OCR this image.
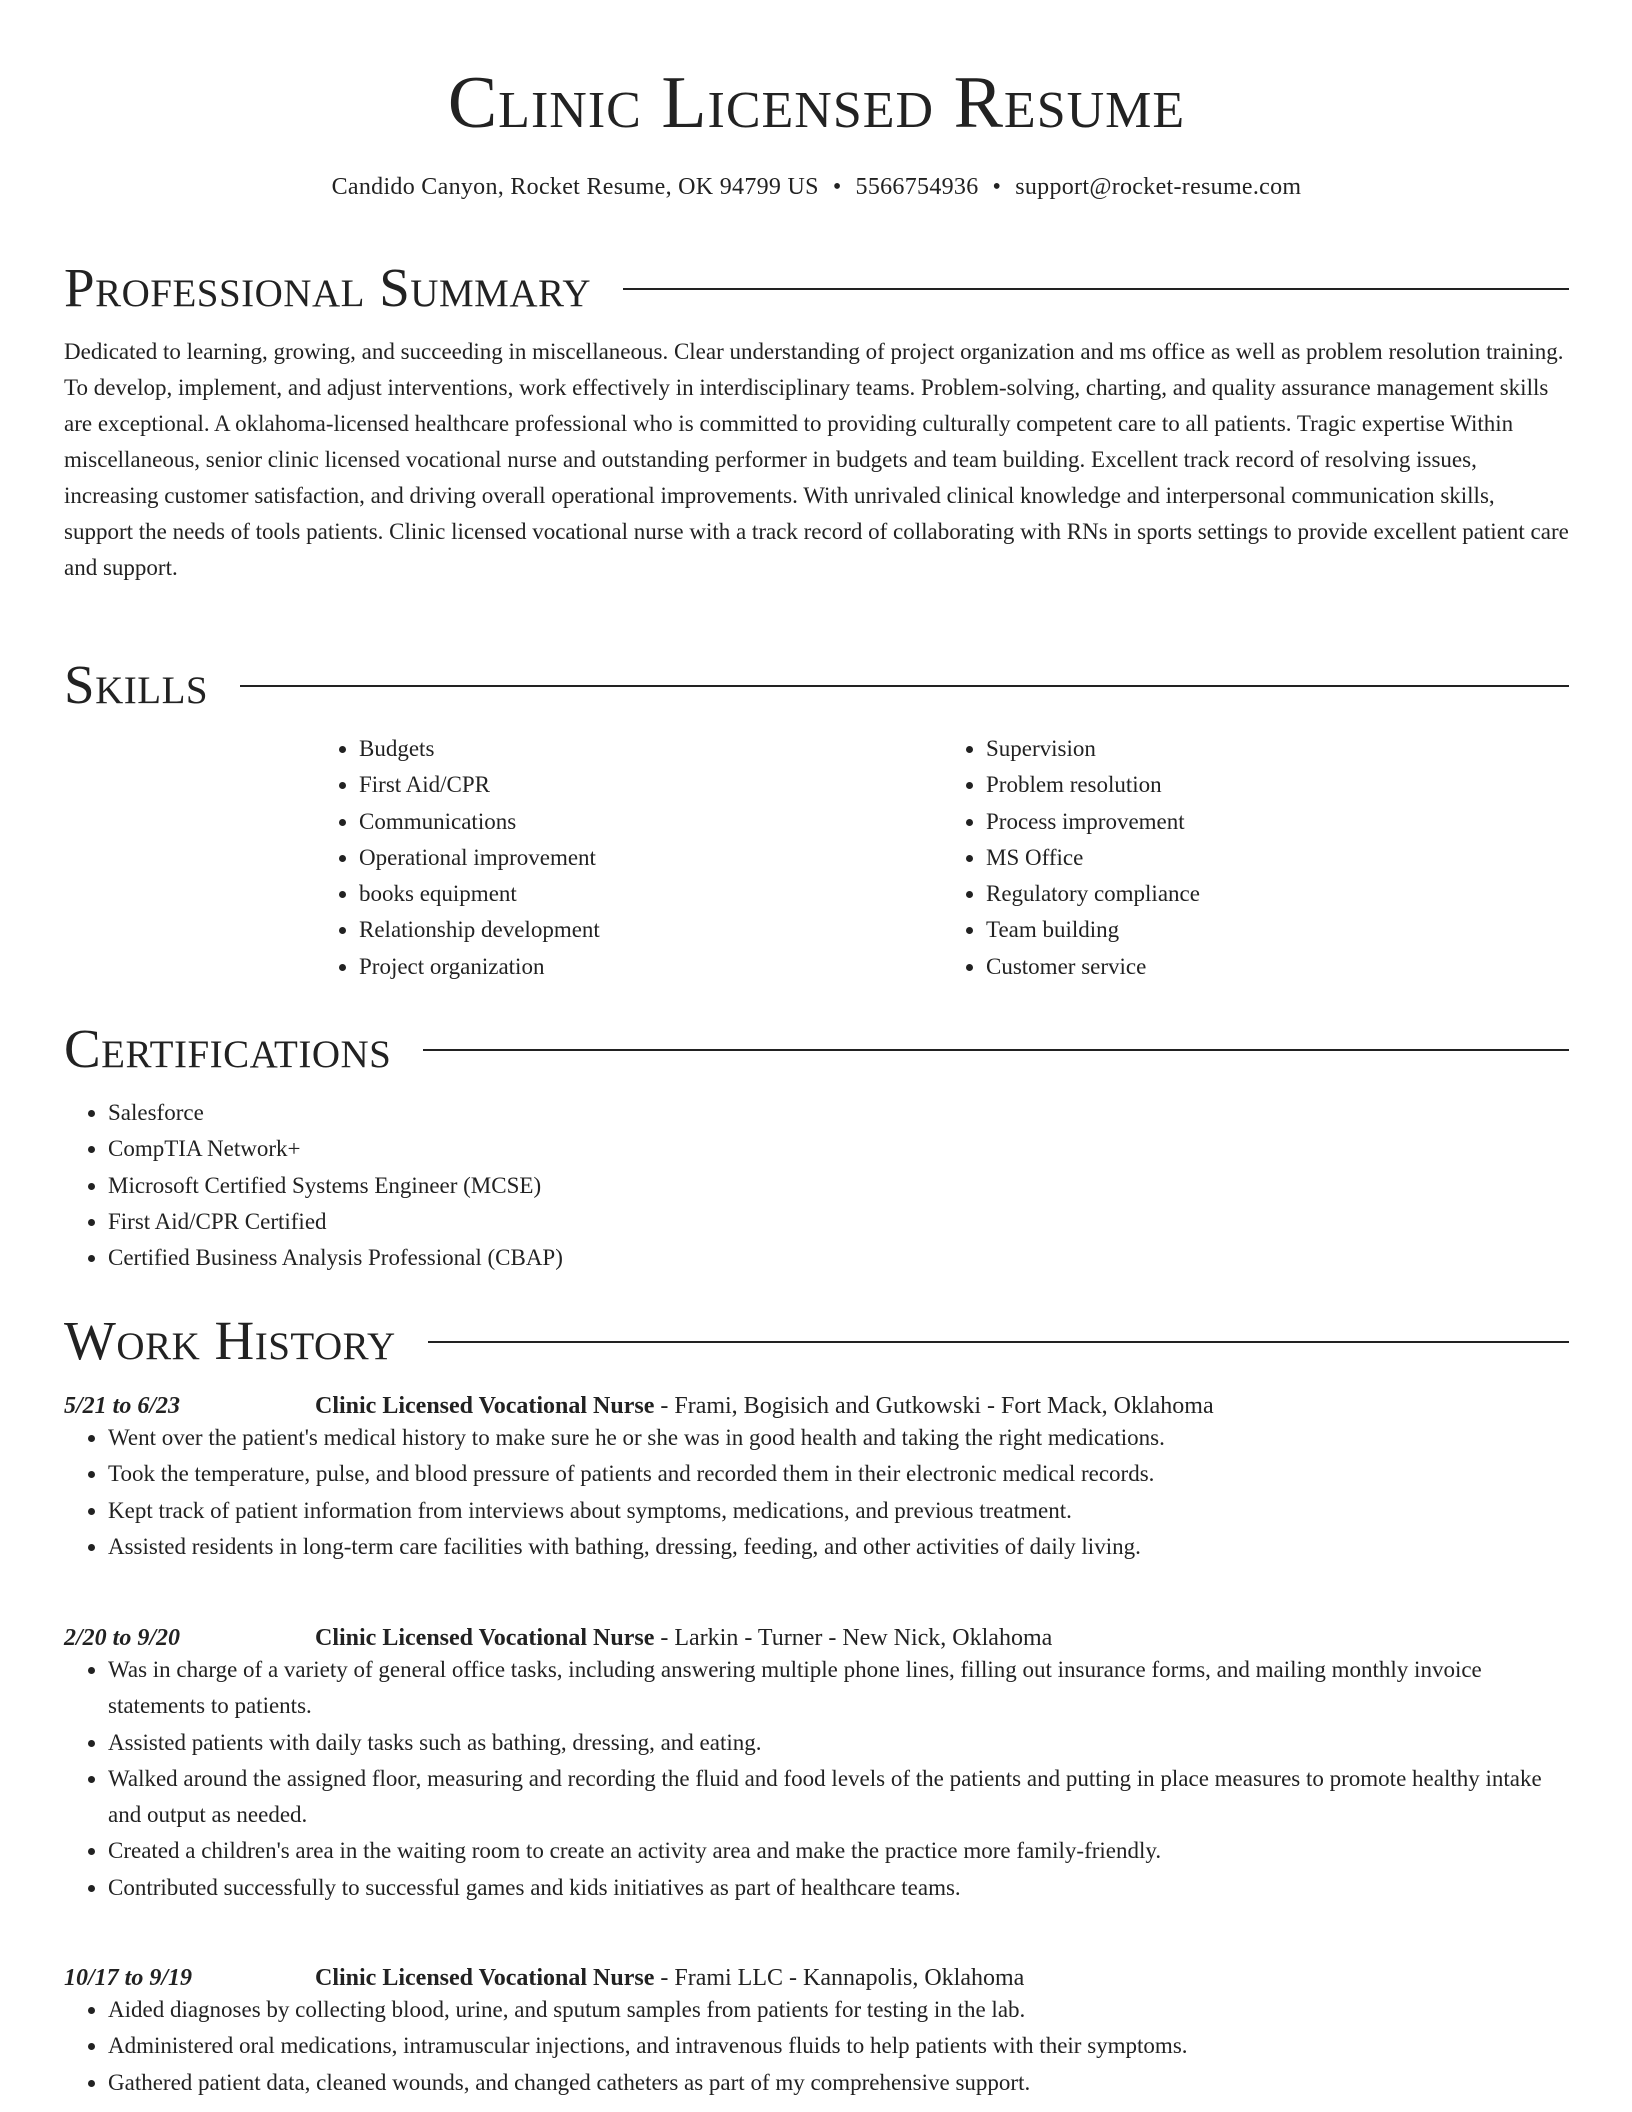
Clinic Licensed Resume
Candido Canyon, Rocket Resume, OK 94799 US • 5566754936 • support@rocket-resume.com
Professional Summary

Dedicated to learning, growing, and succeeding in miscellaneous. Clear understanding of project organization and ms office as well as problem resolution training. To develop, implement, and adjust interventions, work effectively in interdisciplinary teams. Problem-solving, charting, and quality assurance management skills are exceptional. A oklahoma-licensed healthcare professional who is committed to providing culturally competent care to all patients. Tragic expertise Within miscellaneous, senior clinic licensed vocational nurse and outstanding performer in budgets and team building. Excellent track record of resolving issues, increasing customer satisfaction, and driving overall operational improvements. With unrivaled clinical knowledge and interpersonal communication skills, support the needs of tools patients. Clinic licensed vocational nurse with a track record of collaborating with RNs in sports settings to provide excellent patient care and support.

Skills
• Budgets
• First Aid/CPR
• Communications
• Operational improvement
• books equipment
• Relationship development
• Project organization
• Supervision
• Problem resolution
• Process improvement
• MS Office
• Regulatory compliance
• Team building
• Customer service
Certifications
• Salesforce
• CompTIA Network+
• Microsoft Certified Systems Engineer (MCSE)
• First Aid/CPR Certified
• Certified Business Analysis Professional (CBAP)
Work History
5/21 to 6/23	Clinic Licensed Vocational Nurse - Frami, Bogisich and Gutkowski - Fort Mack, Oklahoma
• Went over the patient's medical history to make sure he or she was in good health and taking the right medications.
• Took the temperature, pulse, and blood pressure of patients and recorded them in their electronic medical records.
• Kept track of patient information from interviews about symptoms, medications, and previous treatment.
• Assisted residents in long-term care facilities with bathing, dressing, feeding, and other activities of daily living.
2/20 to 9/20	Clinic Licensed Vocational Nurse - Larkin - Turner - New Nick, Oklahoma
• Was in charge of a variety of general office tasks, including answering multiple phone lines, filling out insurance forms, and mailing monthly invoice statements to patients.
• Assisted patients with daily tasks such as bathing, dressing, and eating.
• Walked around the assigned floor, measuring and recording the fluid and food levels of the patients and putting in place measures to promote healthy intake and output as needed.
• Created a children's area in the waiting room to create an activity area and make the practice more family-friendly.
• Contributed successfully to successful games and kids initiatives as part of healthcare teams.
10/17 to 9/19	Clinic Licensed Vocational Nurse - Frami LLC - Kannapolis, Oklahoma
• Aided diagnoses by collecting blood, urine, and sputum samples from patients for testing in the lab.
• Administered oral medications, intramuscular injections, and intravenous fluids to help patients with their symptoms.
• Gathered patient data, cleaned wounds, and changed catheters as part of my comprehensive support.
